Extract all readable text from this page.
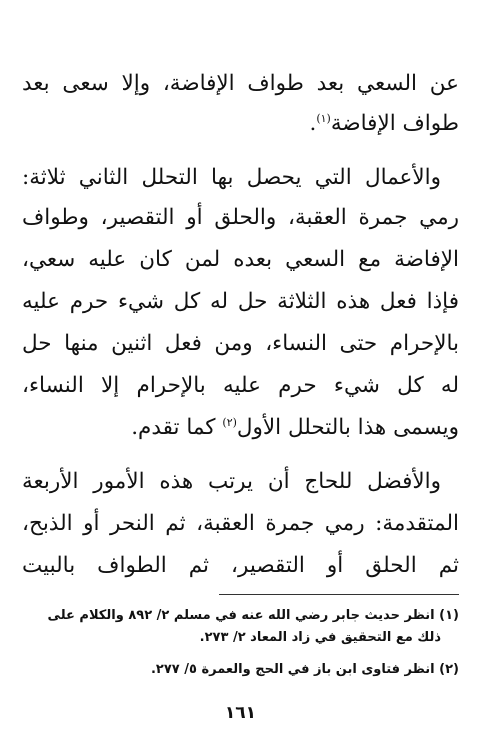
عن السعي بعد طواف الإفاضة، وإلا سعى بعد
طواف الإفاضة$^{(١)}$.
والأعمال التي يحصل بها التحلل الثاني ثلاثة:
رمي جمرة العقبة، والحلق أو التقصير، وطواف
الإفاضة مع السعي بعده لمن كان عليه سعي،
فإذا فعل هذه الثلاثة حل له كل شيء حرم عليه
بالإحرام حتى النساء، ومن فعل اثنين منها حل
له كل شيء حرم عليه بالإحرام إلا النساء،
ويسمى هذا بالتحلل الأول$^{(٢)}$ كما تقدم.
والأفضل للحاج أن يرتب هذه الأمور الأربعة
المتقدمة: رمي جمرة العقبة، ثم النحر أو الذبح،
ثم الحلق أو التقصير، ثم الطواف بالبيت
(١) انظر حديث جابر رضي الله عنه في مسلم ٢/ ٨٩٢ والكلام على
ذلك مع التحقيق في زاد المعاد ٢/ ٢٧٣.
(٢) انظر فتاوى ابن باز في الحج والعمرة ٥/ ٢٧٧.
١٦١
